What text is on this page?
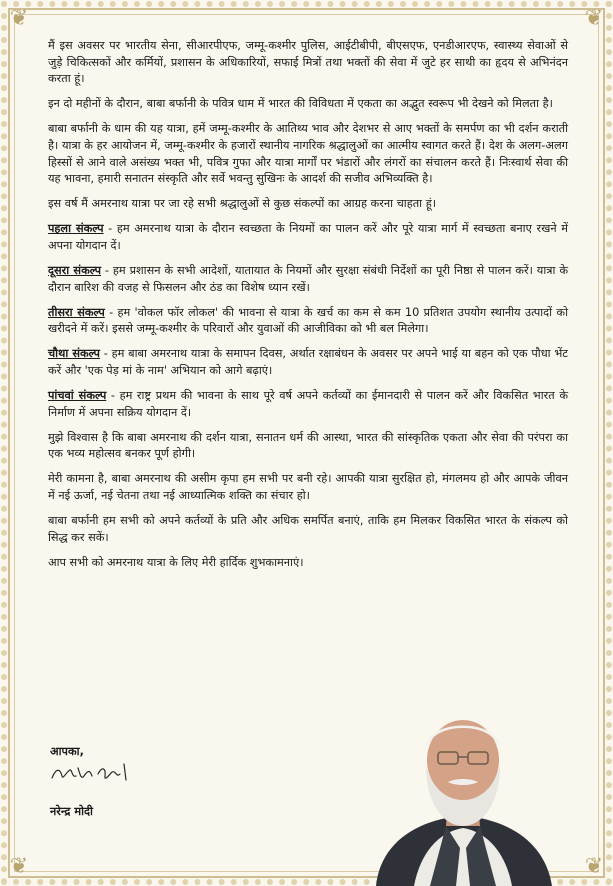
❦	❦
❦	❦

मैं इस अवसर पर भारतीय सेना, सीआरपीएफ, जम्मू-कश्मीर पुलिस, आईटीबीपी, बीएसएफ, एनडीआरएफ, स्वास्थ्य सेवाओं से जुड़े चिकित्सकों और कर्मियों, प्रशासन के अधिकारियों, सफाई मित्रों तथा भक्तों की सेवा में जुटे हर साथी का हृदय से अभिनंदन करता हूं।

इन दो महीनों के दौरान, बाबा बर्फानी के पवित्र धाम में भारत की विविधता में एकता का अद्भुत स्वरूप भी देखने को मिलता है।

बाबा बर्फानी के धाम की यह यात्रा, हमें जम्मू-कश्मीर के आतिथ्य भाव और देशभर से आए भक्तों के समर्पण का भी दर्शन कराती है। यात्रा के हर आयोजन में, जम्मू-कश्मीर के हजारों स्थानीय नागरिक श्रद्धालुओं का आत्मीय स्वागत करते हैं। देश के अलग-अलग हिस्सों से आने वाले असंख्य भक्त भी, पवित्र गुफा और यात्रा मार्गों पर भंडारों और लंगरों का संचालन करते हैं। निःस्वार्थ सेवा की यह भावना, हमारी सनातन संस्कृति और सर्वे भवन्तु सुखिनः के आदर्श की सजीव अभिव्यक्ति है।

इस वर्ष मैं अमरनाथ यात्रा पर जा रहे सभी श्रद्धालुओं से कुछ संकल्पों का आग्रह करना चाहता हूं।

पहला संकल्प - हम अमरनाथ यात्रा के दौरान स्वच्छता के नियमों का पालन करें और पूरे यात्रा मार्ग में स्वच्छता बनाए रखने में अपना योगदान दें।

दूसरा संकल्प - हम प्रशासन के सभी आदेशों, यातायात के नियमों और सुरक्षा संबंधी निर्देशों का पूरी निष्ठा से पालन करें। यात्रा के दौरान बारिश की वजह से फिसलन और ठंड का विशेष ध्यान रखें।

तीसरा संकल्प - हम 'वोकल फॉर लोकल' की भावना से यात्रा के खर्च का कम से कम 10 प्रतिशत उपयोग स्थानीय उत्पादों को खरीदने में करें। इससे जम्मू-कश्मीर के परिवारों और युवाओं की आजीविका को भी बल मिलेगा।

चौथा संकल्प - हम बाबा अमरनाथ यात्रा के समापन दिवस, अर्थात रक्षाबंधन के अवसर पर अपने भाई या बहन को एक पौधा भेंट करें और 'एक पेड़ मां के नाम' अभियान को आगे बढ़ाएं।

पांचवां संकल्प - हम राष्ट्र प्रथम की भावना के साथ पूरे वर्ष अपने कर्तव्यों का ईमानदारी से पालन करें और विकसित भारत के निर्माण में अपना सक्रिय योगदान दें।

मुझे विश्वास है कि बाबा अमरनाथ की दर्शन यात्रा, सनातन धर्म की आस्था, भारत की सांस्कृतिक एकता और सेवा की परंपरा का एक भव्य महोत्सव बनकर पूर्ण होगी।

मेरी कामना है, बाबा अमरनाथ की असीम कृपा हम सभी पर बनी रहे। आपकी यात्रा सुरक्षित हो, मंगलमय हो और आपके जीवन में नई ऊर्जा, नई चेतना तथा नई आध्यात्मिक शक्ति का संचार हो।

बाबा बर्फानी हम सभी को अपने कर्तव्यों के प्रति और अधिक समर्पित बनाएं, ताकि हम मिलकर विकसित भारत के संकल्प को सिद्ध कर सकें।

आप सभी को अमरनाथ यात्रा के लिए मेरी हार्दिक शुभकामनाएं।

आपका,
नरेन्द्र मोदी
